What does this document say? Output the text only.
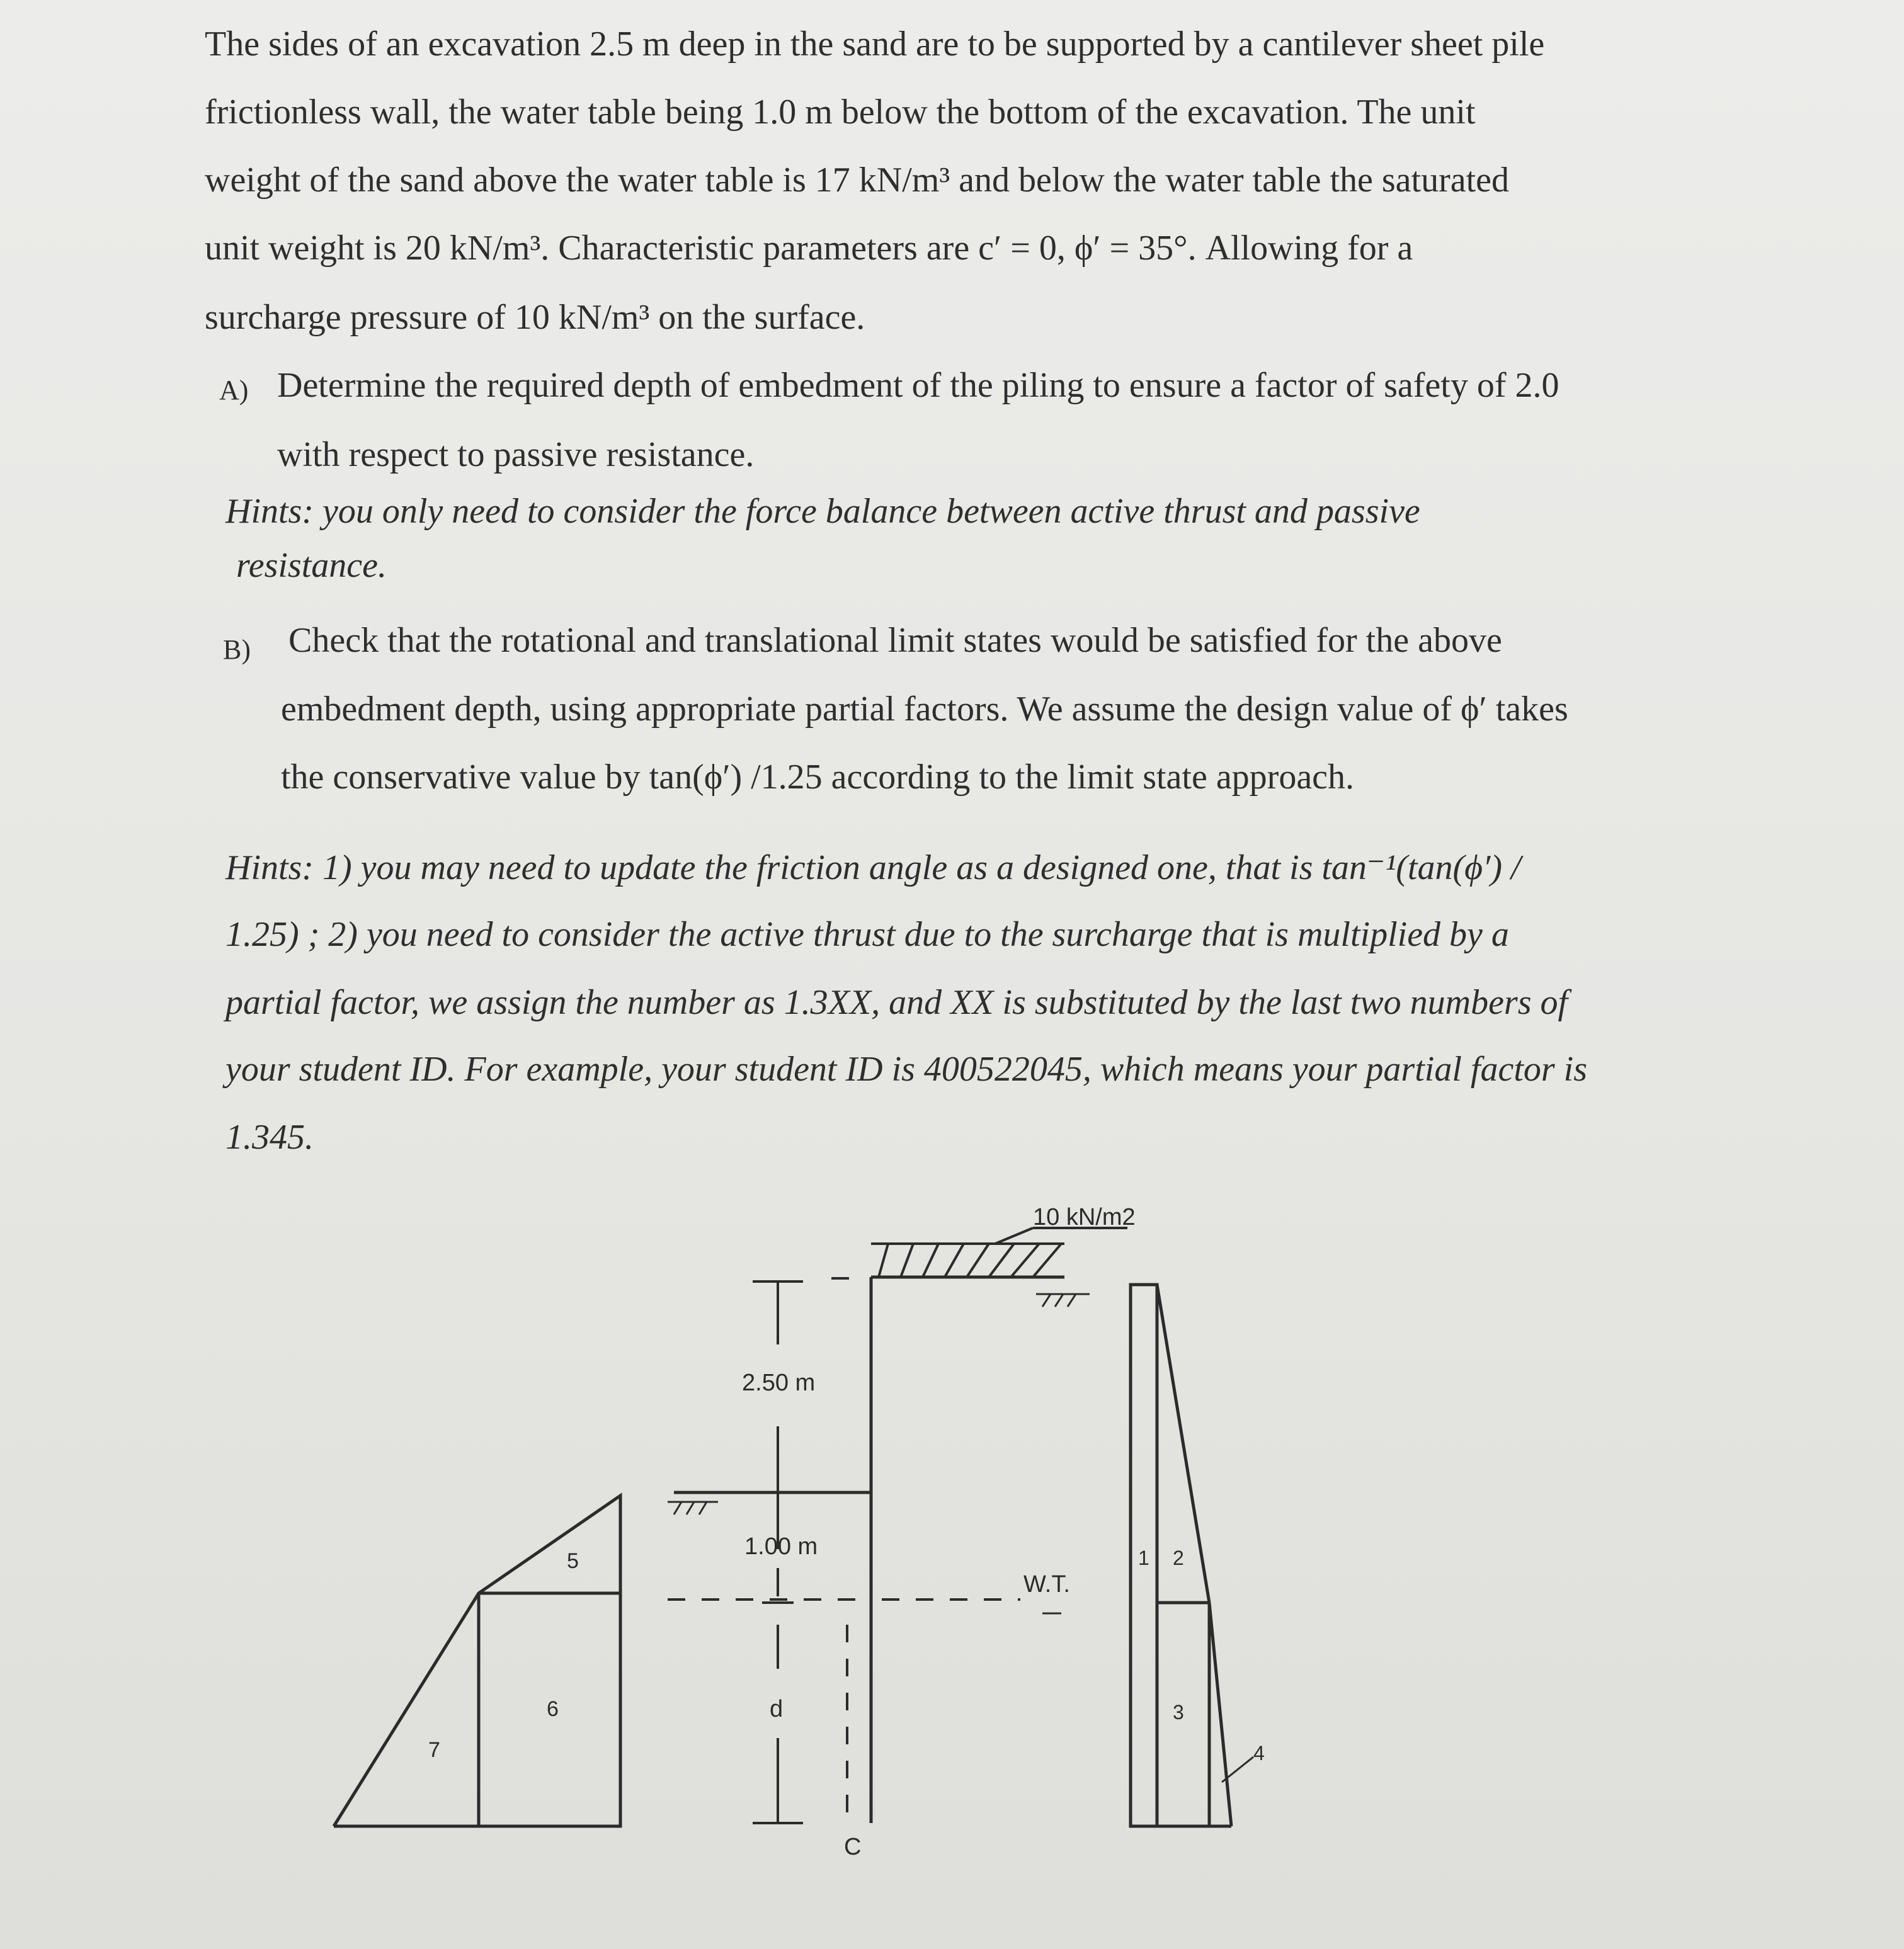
The sides of an excavation 2.5 m deep in the sand are to be supported by a cantilever sheet pile
frictionless wall, the water table being 1.0 m below the bottom of the excavation. The unit
weight of the sand above the water table is 17 kN/m³ and below the water table the saturated
unit weight is 20 kN/m³. Characteristic parameters are c′ = 0, ϕ′ = 35°. Allowing for a
surcharge pressure of 10 kN/m³ on the surface.
A) Determine the required depth of embedment of the piling to ensure a factor of safety of 2.0
with respect to passive resistance.
Hints: you only need to consider the force balance between active thrust and passive
resistance.
B) Check that the rotational and translational limit states would be satisfied for the above
embedment depth, using appropriate partial factors. We assume the design value of ϕ′ takes
the conservative value by tan(ϕ′) /1.25 according to the limit state approach.
Hints: 1) you may need to update the friction angle as a designed one, that is tan⁻¹(tan(ϕ′) /
1.25) ; 2) you need to consider the active thrust due to the surcharge that is multiplied by a
partial factor, we assign the number as 1.3XX, and XX is substituted by the last two numbers of
your student ID. For example, your student ID is 400522045, which means your partial factor is
1.345.
10 kN/m2
2.50 m
1.00 m
d
W.T.
C
5
6
7
1 2
3
4
